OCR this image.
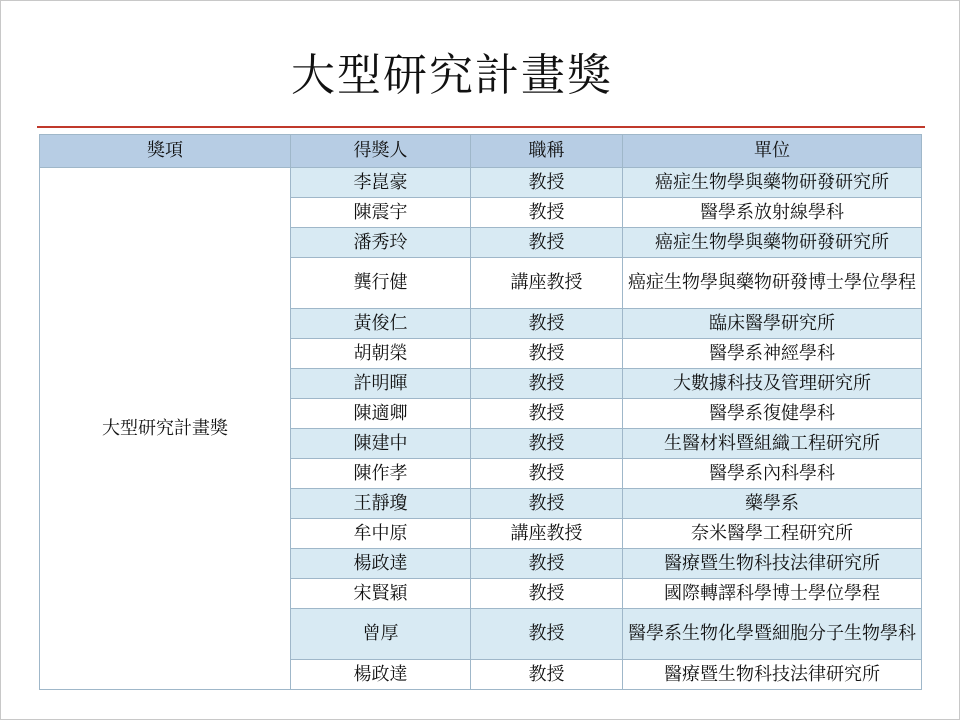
大型研究計畫獎
獎項	得獎人	職稱	單位
大型研究計畫獎	李崑豪	教授	癌症生物學與藥物研發研究所
	陳震宇	教授	醫學系放射線學科
	潘秀玲	教授	癌症生物學與藥物研發研究所
	龔行健	講座教授	癌症生物學與藥物研發博士學位學程
	黃俊仁	教授	臨床醫學研究所
	胡朝榮	教授	醫學系神經學科
	許明暉	教授	大數據科技及管理研究所
	陳適卿	教授	醫學系復健學科
	陳建中	教授	生醫材料暨組織工程研究所
	陳作孝	教授	醫學系內科學科
	王靜瓊	教授	藥學系
	牟中原	講座教授	奈米醫學工程研究所
	楊政達	教授	醫療暨生物科技法律研究所
	宋賢穎	教授	國際轉譯科學博士學位學程
	曾厚	教授	醫學系生物化學暨細胞分子生物學科
	楊政達	教授	醫療暨生物科技法律研究所
